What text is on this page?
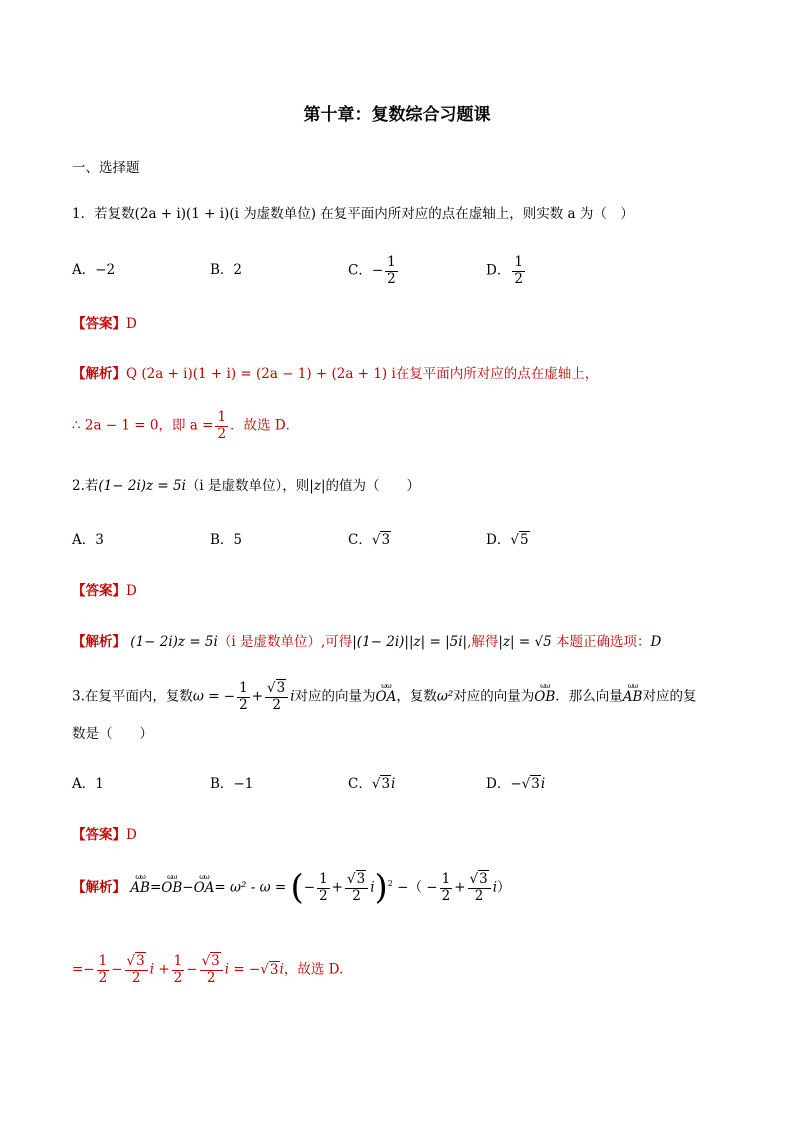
第十章：复数综合习题课
一、选择题
1．若复数(2a + i)(1 + i)(i 为虚数单位) 在复平面内所对应的点在虚轴上，则实数 a 为（　）
A．−2	B．2	C．− $\frac{1}{2}$	D． $\frac{1}{2}$
【答案】D
【解析】Q (2a + i)(1 + i) = (2a − 1) + (2a + 1) i在复平面内所对应的点在虚轴上，
∴ 2a − 1 = 0，即 $a = \frac{1}{2}$ ．故选 D．
2.若(1− 2i)z = 5i（i 是虚数单位），则|z|的值为（　　）
A．3	B．5	C．√3	D．√5
【答案】D
【解析】 (1− 2i)z = 5i（i 是虚数单位）,可得|(1− 2i)||z| = |5i|,解得|z| = √5 本题正确选项：D
3.在复平面内，复数ω = − $\frac{1}{2} + \frac{√3}{2}$ i对应的向量为ωω OA，复数ω²对应的向量为ωω OB．那么向量ωω AB对应的复
数是（　　）
A．1	B．−1	C．√3i	D．−√3i
【答案】D
【解析】 ωω AB=ωω OB−ωω OA= ω² - ω = (− $\frac{1}{2} + \frac{√3}{2} i)^2$ −（ − $\frac{1}{2} + \frac{√3}{2} i$）
=− $\frac{1}{2} - \frac{√3}{2}$ $i + \frac{1}{2} - \frac{√3}{2}$ i = −√3i，故选 D.
